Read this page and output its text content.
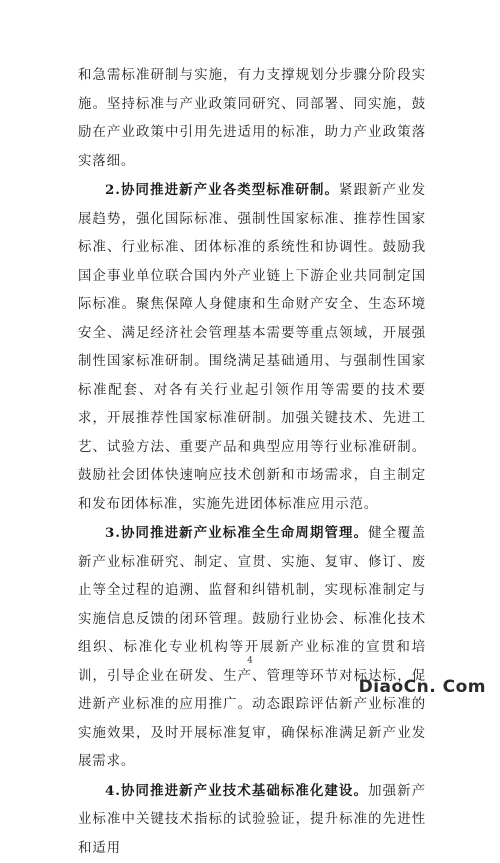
和急需标准研制与实施，有力支撑规划分步骤分阶段实施。坚持标准与产业政策同研究、同部署、同实施，鼓励在产业政策中引用先进适用的标准，助力产业政策落实落细。

2.协同推进新产业各类型标准研制。紧跟新产业发展趋势，强化国际标准、强制性国家标准、推荐性国家标准、行业标准、团体标准的系统性和协调性。鼓励我国企事业单位联合国内外产业链上下游企业共同制定国际标准。聚焦保障人身健康和生命财产安全、生态环境安全、满足经济社会管理基本需要等重点领域，开展强制性国家标准研制。围绕满足基础通用、与强制性国家标准配套、对各有关行业起引领作用等需要的技术要求，开展推荐性国家标准研制。加强关键技术、先进工艺、试验方法、重要产品和典型应用等行业标准研制。鼓励社会团体快速响应技术创新和市场需求，自主制定和发布团体标准，实施先进团体标准应用示范。

3.协同推进新产业标准全生命周期管理。健全覆盖新产业标准研究、制定、宣贯、实施、复审、修订、废止等全过程的追溯、监督和纠错机制，实现标准制定与实施信息反馈的闭环管理。鼓励行业协会、标准化技术组织、标准化专业机构等开展新产业标准的宣贯和培训，引导企业在研发、生产、管理等环节对标达标，促进新产业标准的应用推广。动态跟踪评估新产业标准的实施效果，及时开展标准复审，确保标准满足新产业发展需求。

4.协同推进新产业技术基础标准化建设。加强新产业标准中关键技术指标的试验验证，提升标准的先进性和适用

4
DiaoCn. Com
